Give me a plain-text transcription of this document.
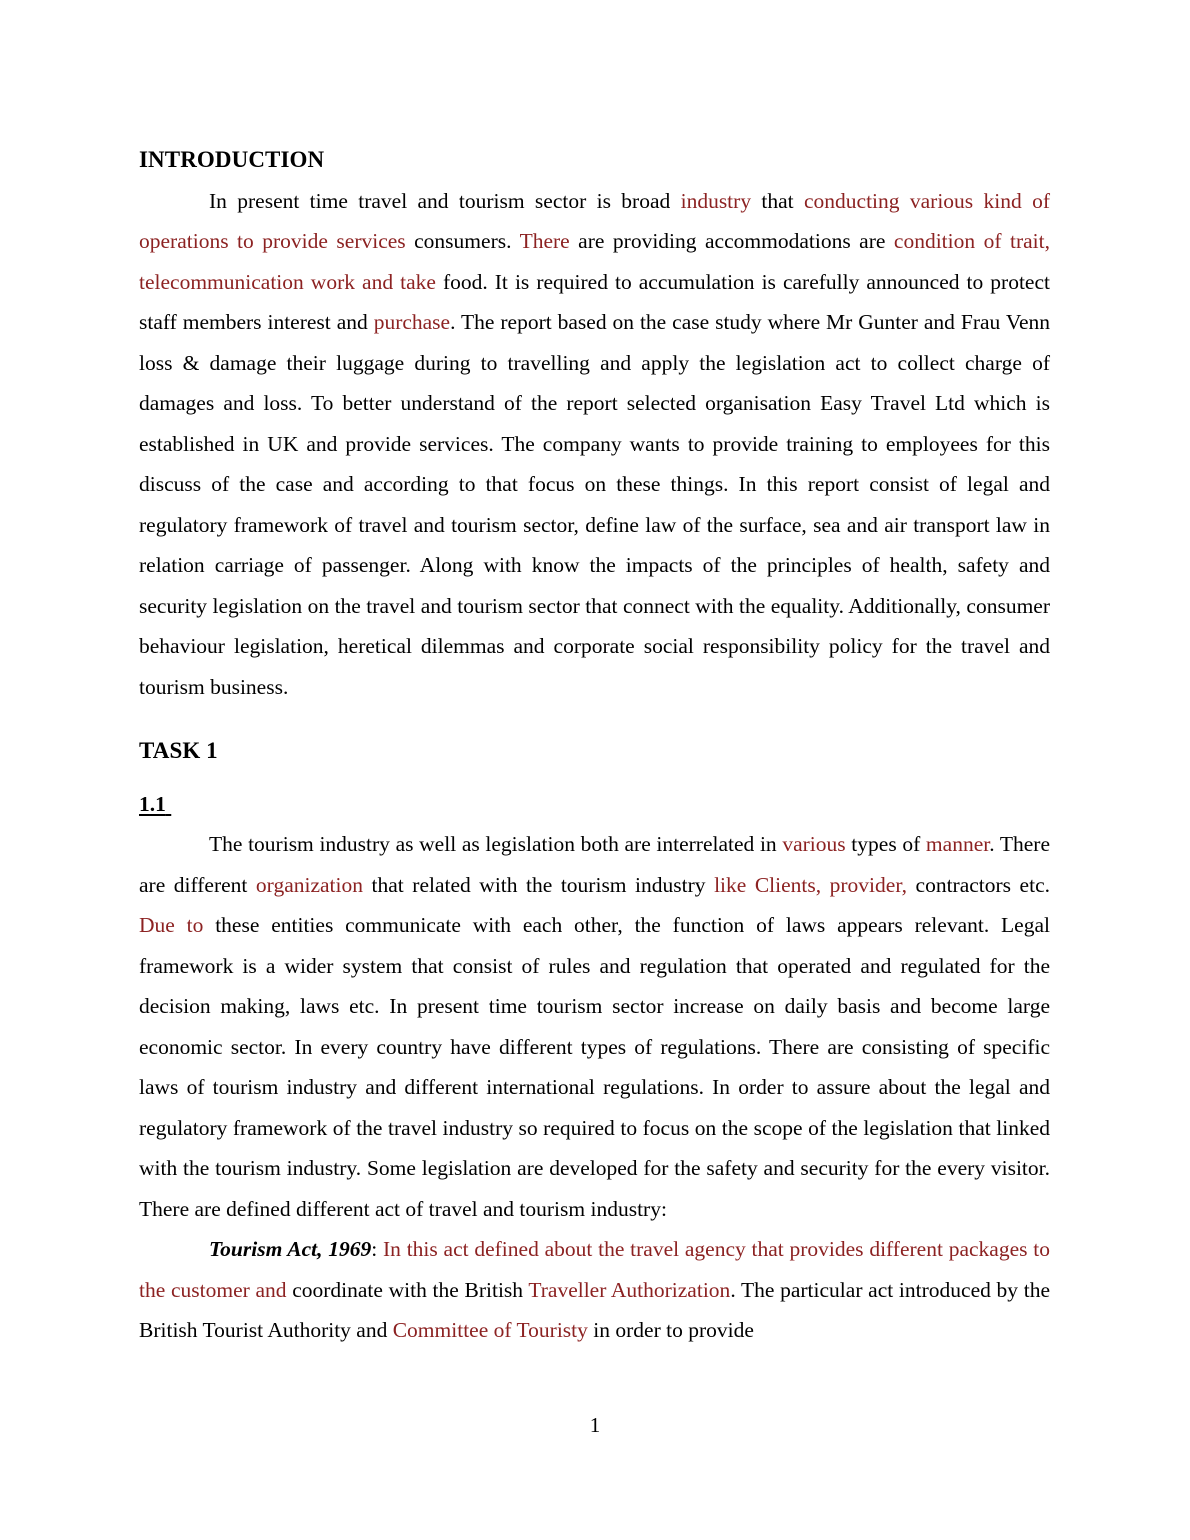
INTRODUCTION

In present time travel and tourism sector is broad industry that conducting various kind of operations to provide services consumers. There are providing accommodations are condition of trait, telecommunication work and take food. It is required to accumulation is carefully announced to protect staff members interest and purchase. The report based on the case study where Mr Gunter and Frau Venn loss & damage their luggage during to travelling and apply the legislation act to collect charge of damages and loss. To better understand of the report selected organisation Easy Travel Ltd which is established in UK and provide services. The company wants to provide training to employees for this discuss of the case and according to that focus on these things. In this report consist of legal and regulatory framework of travel and tourism sector, define law of the surface, sea and air transport law in relation carriage of passenger. Along with know the impacts of the principles of health, safety and security legislation on the travel and tourism sector that connect with the equality. Additionally, consumer behaviour legislation, heretical dilemmas and corporate social responsibility policy for the travel and tourism business.

TASK 1
1.1

The tourism industry as well as legislation both are interrelated in various types of manner. There are different organization that related with the tourism industry like Clients, provider, contractors etc. Due to these entities communicate with each other, the function of laws appears relevant. Legal framework is a wider system that consist of rules and regulation that operated and regulated for the decision making, laws etc. In present time tourism sector increase on daily basis and become large economic sector. In every country have different types of regulations. There are consisting of specific laws of tourism industry and different international regulations. In order to assure about the legal and regulatory framework of the travel industry so required to focus on the scope of the legislation that linked with the tourism industry. Some legislation are developed for the safety and security for the every visitor. There are defined different act of travel and tourism industry:

Tourism Act, 1969: In this act defined about the travel agency that provides different packages to the customer and coordinate with the British Traveller Authorization. The particular act introduced by the British Tourist Authority and Committee of Touristy in order to provide

1
